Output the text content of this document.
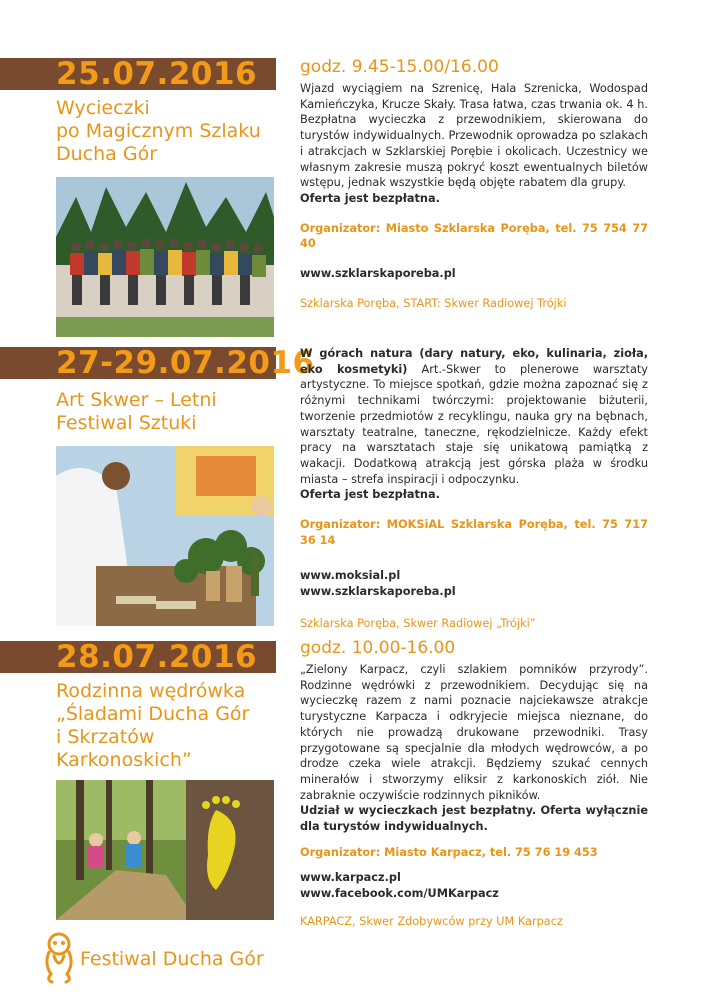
25.07.2016
Wycieczki
po Magicznym Szlaku
Ducha Gór
godz. 9.45-15.00/16.00

Wjazd wyciągiem na Szrenicę, Hala Szrenicka, Wodospad Kamieńczyka, Krucze Skały. Trasa łatwa, czas trwania ok. 4 h. Bezpłatna wycieczka z przewodnikiem, skierowana do turystów indywidualnych. Przewodnik oprowadza po szlakach i atrakcjach w Szklarskiej Porębie i okolicach. Uczestnicy we własnym zakresie muszą pokryć koszt ewentualnych biletów wstępu, jednak wszystkie będą objęte rabatem dla grupy.

Oferta jest bezpłatna.

Organizator: Miasto Szklarska Poręba, tel. 75 754 77 40
www.szklarskaporeba.pl
Szklarska Poręba, START: Skwer Radiowej Trójki
27-29.07.2016
Art Skwer – Letni
Festiwal Sztuki

W górach natura (dary natury, eko, kulinaria, zioła, eko kosmetyki) Art.-Skwer to plenerowe warsztaty artystyczne. To miejsce spotkań, gdzie można zapoznać się z różnymi technikami twórczymi: projektowanie biżuterii, tworzenie przedmiotów z recyklingu, nauka gry na bębnach, warsztaty teatralne, taneczne, rękodzielnicze. Każdy efekt pracy na warsztatach staje się unikatową pamiątką z wakacji. Dodatkową atrakcją jest górska plaża w środku miasta – strefa inspiracji i odpoczynku.

Oferta jest bezpłatna.

Organizator: MOKSiAL Szklarska Poręba, tel. 75 717 36 14
www.moksial.pl
www.szklarskaporeba.pl
Szklarska Poręba, Skwer Radiowej „Trójki”
28.07.2016
Rodzinna wędrówka
„Śladami Ducha Gór
i Skrzatów
Karkonoskich”
godz. 10.00-16.00

„Zielony Karpacz, czyli szlakiem pomników przyrody”. Rodzinne wędrówki z przewodnikiem. Decydując się na wycieczkę razem z nami poznacie najciekawsze atrakcje turystyczne Karpacza i odkryjecie miejsca nieznane, do których nie prowadzą drukowane przewodniki. Trasy przygotowane są specjalnie dla młodych wędrowców, a po drodze czeka wiele atrakcji. Będziemy szukać cennych minerałów i stworzymy eliksir z karkonoskich ziół. Nie zabraknie oczywiście rodzinnych pikników.

Udział w wycieczkach jest bezpłatny. Oferta wyłącznie dla turystów indywidualnych.

Organizator: Miasto Karpacz, tel. 75 76 19 453
www.karpacz.pl
www.facebook.com/UMKarpacz
KARPACZ, Skwer Zdobywców przy UM Karpacz
Festiwal Ducha Gór
